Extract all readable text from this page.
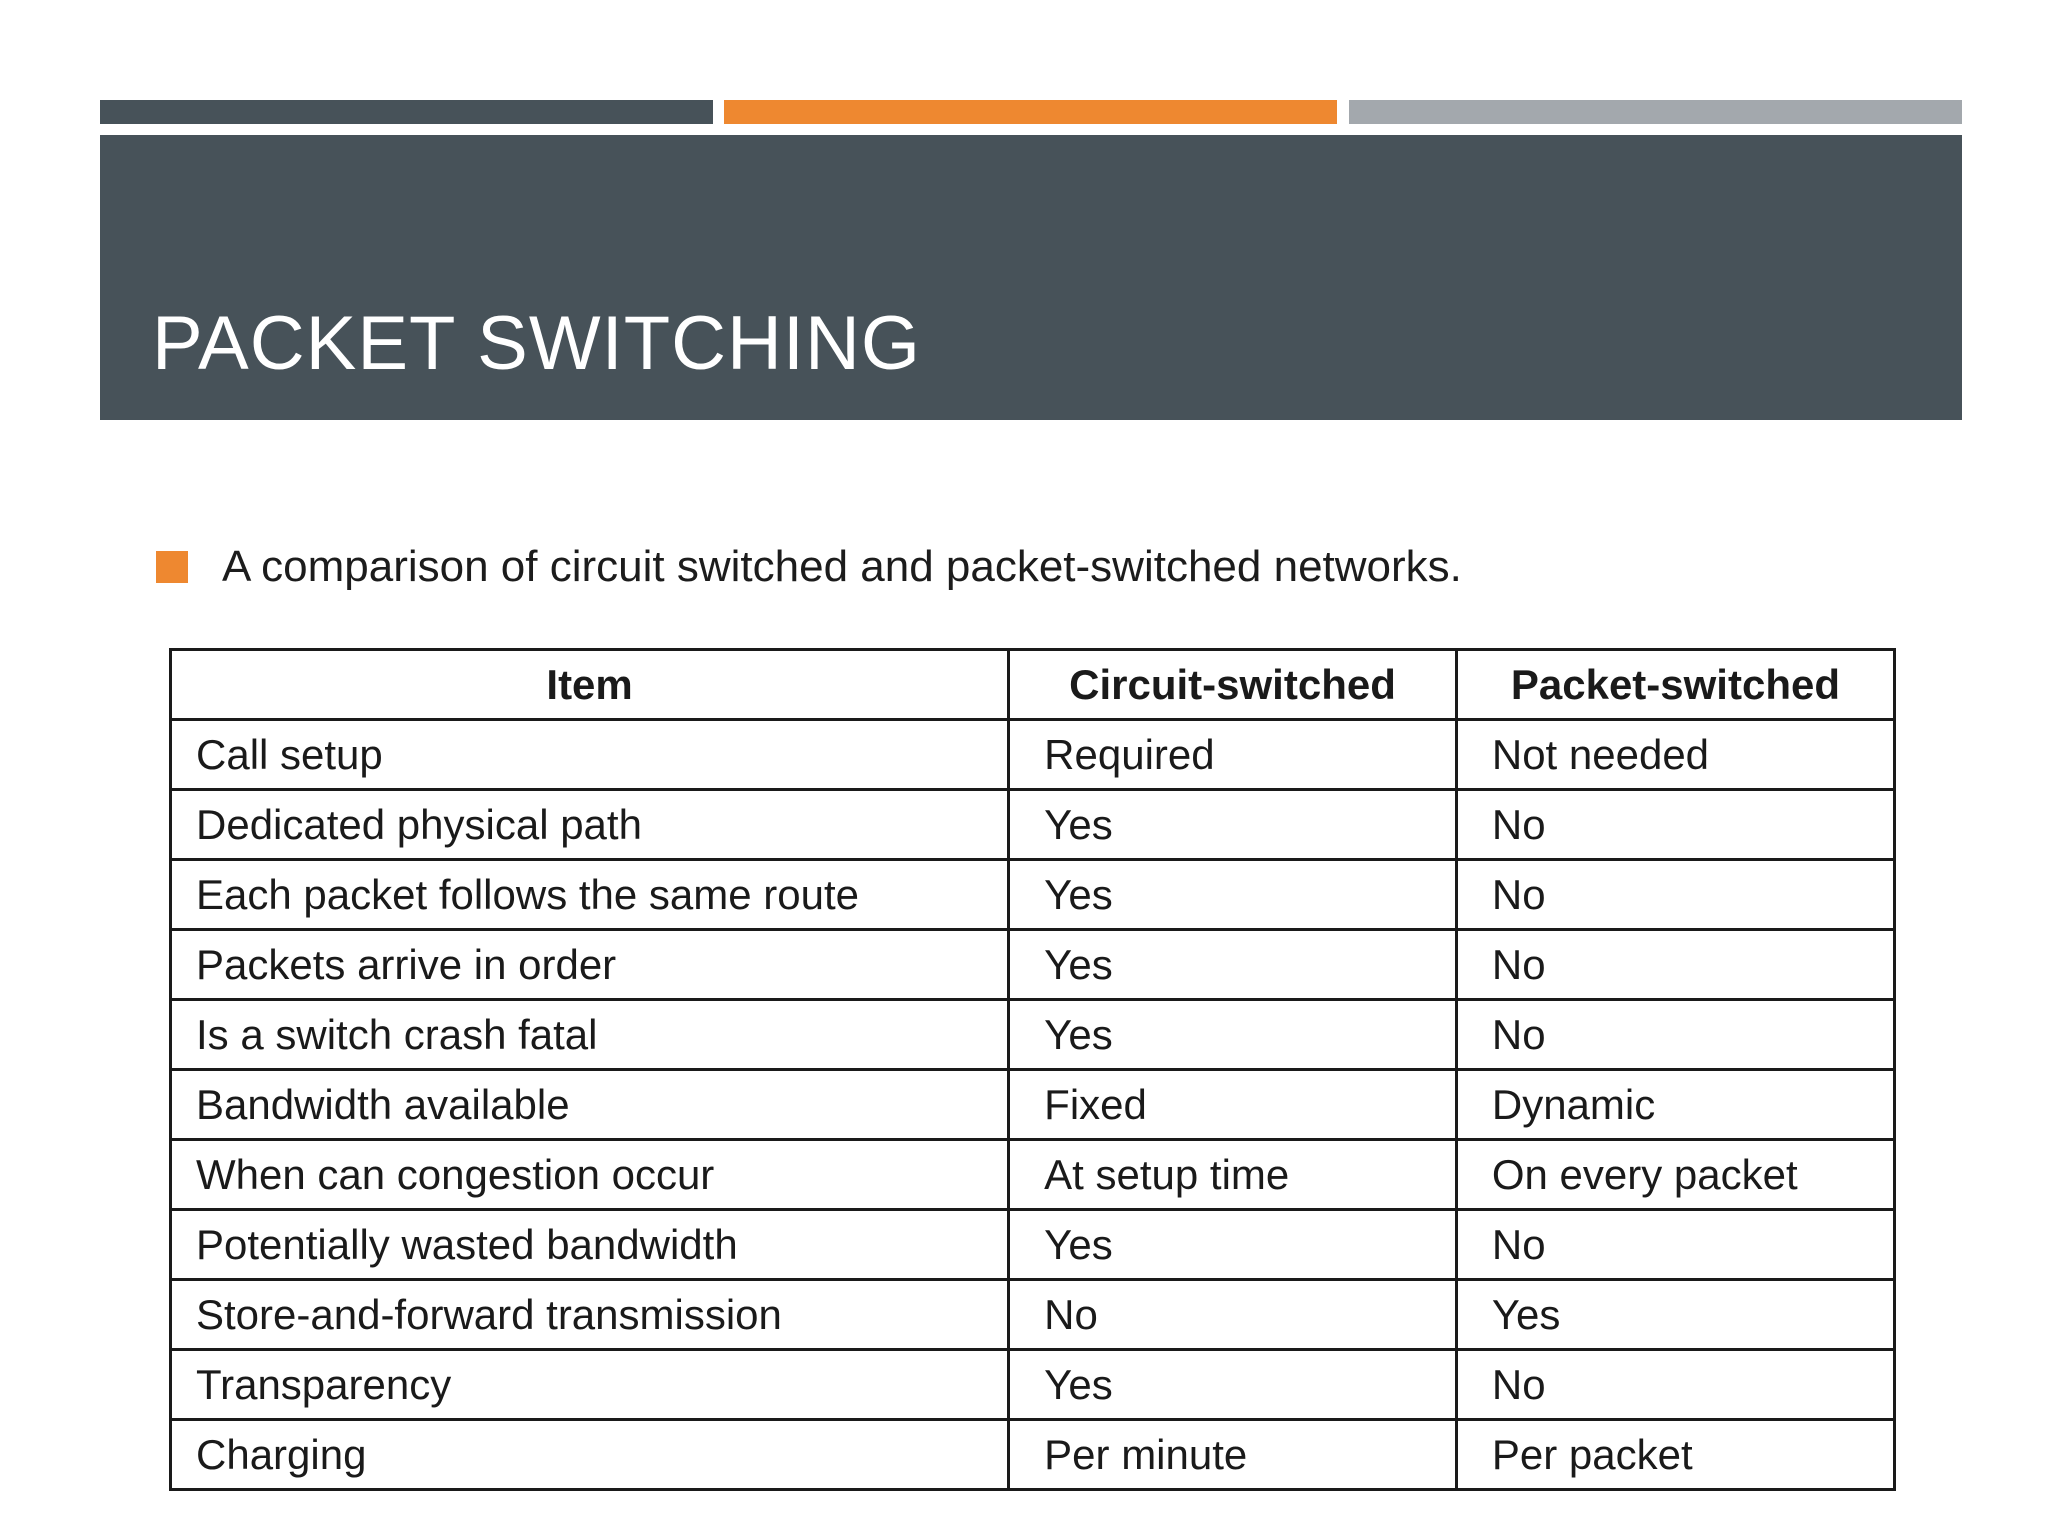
PACKET SWITCHING
A comparison of circuit switched and packet-switched networks.
Item	Circuit-switched	Packet-switched
Call setup	Required	Not needed
Dedicated physical path	Yes	No
Each packet follows the same route	Yes	No
Packets arrive in order	Yes	No
Is a switch crash fatal	Yes	No
Bandwidth available	Fixed	Dynamic
When can congestion occur	At setup time	On every packet
Potentially wasted bandwidth	Yes	No
Store-and-forward transmission	No	Yes
Transparency	Yes	No
Charging	Per minute	Per packet
